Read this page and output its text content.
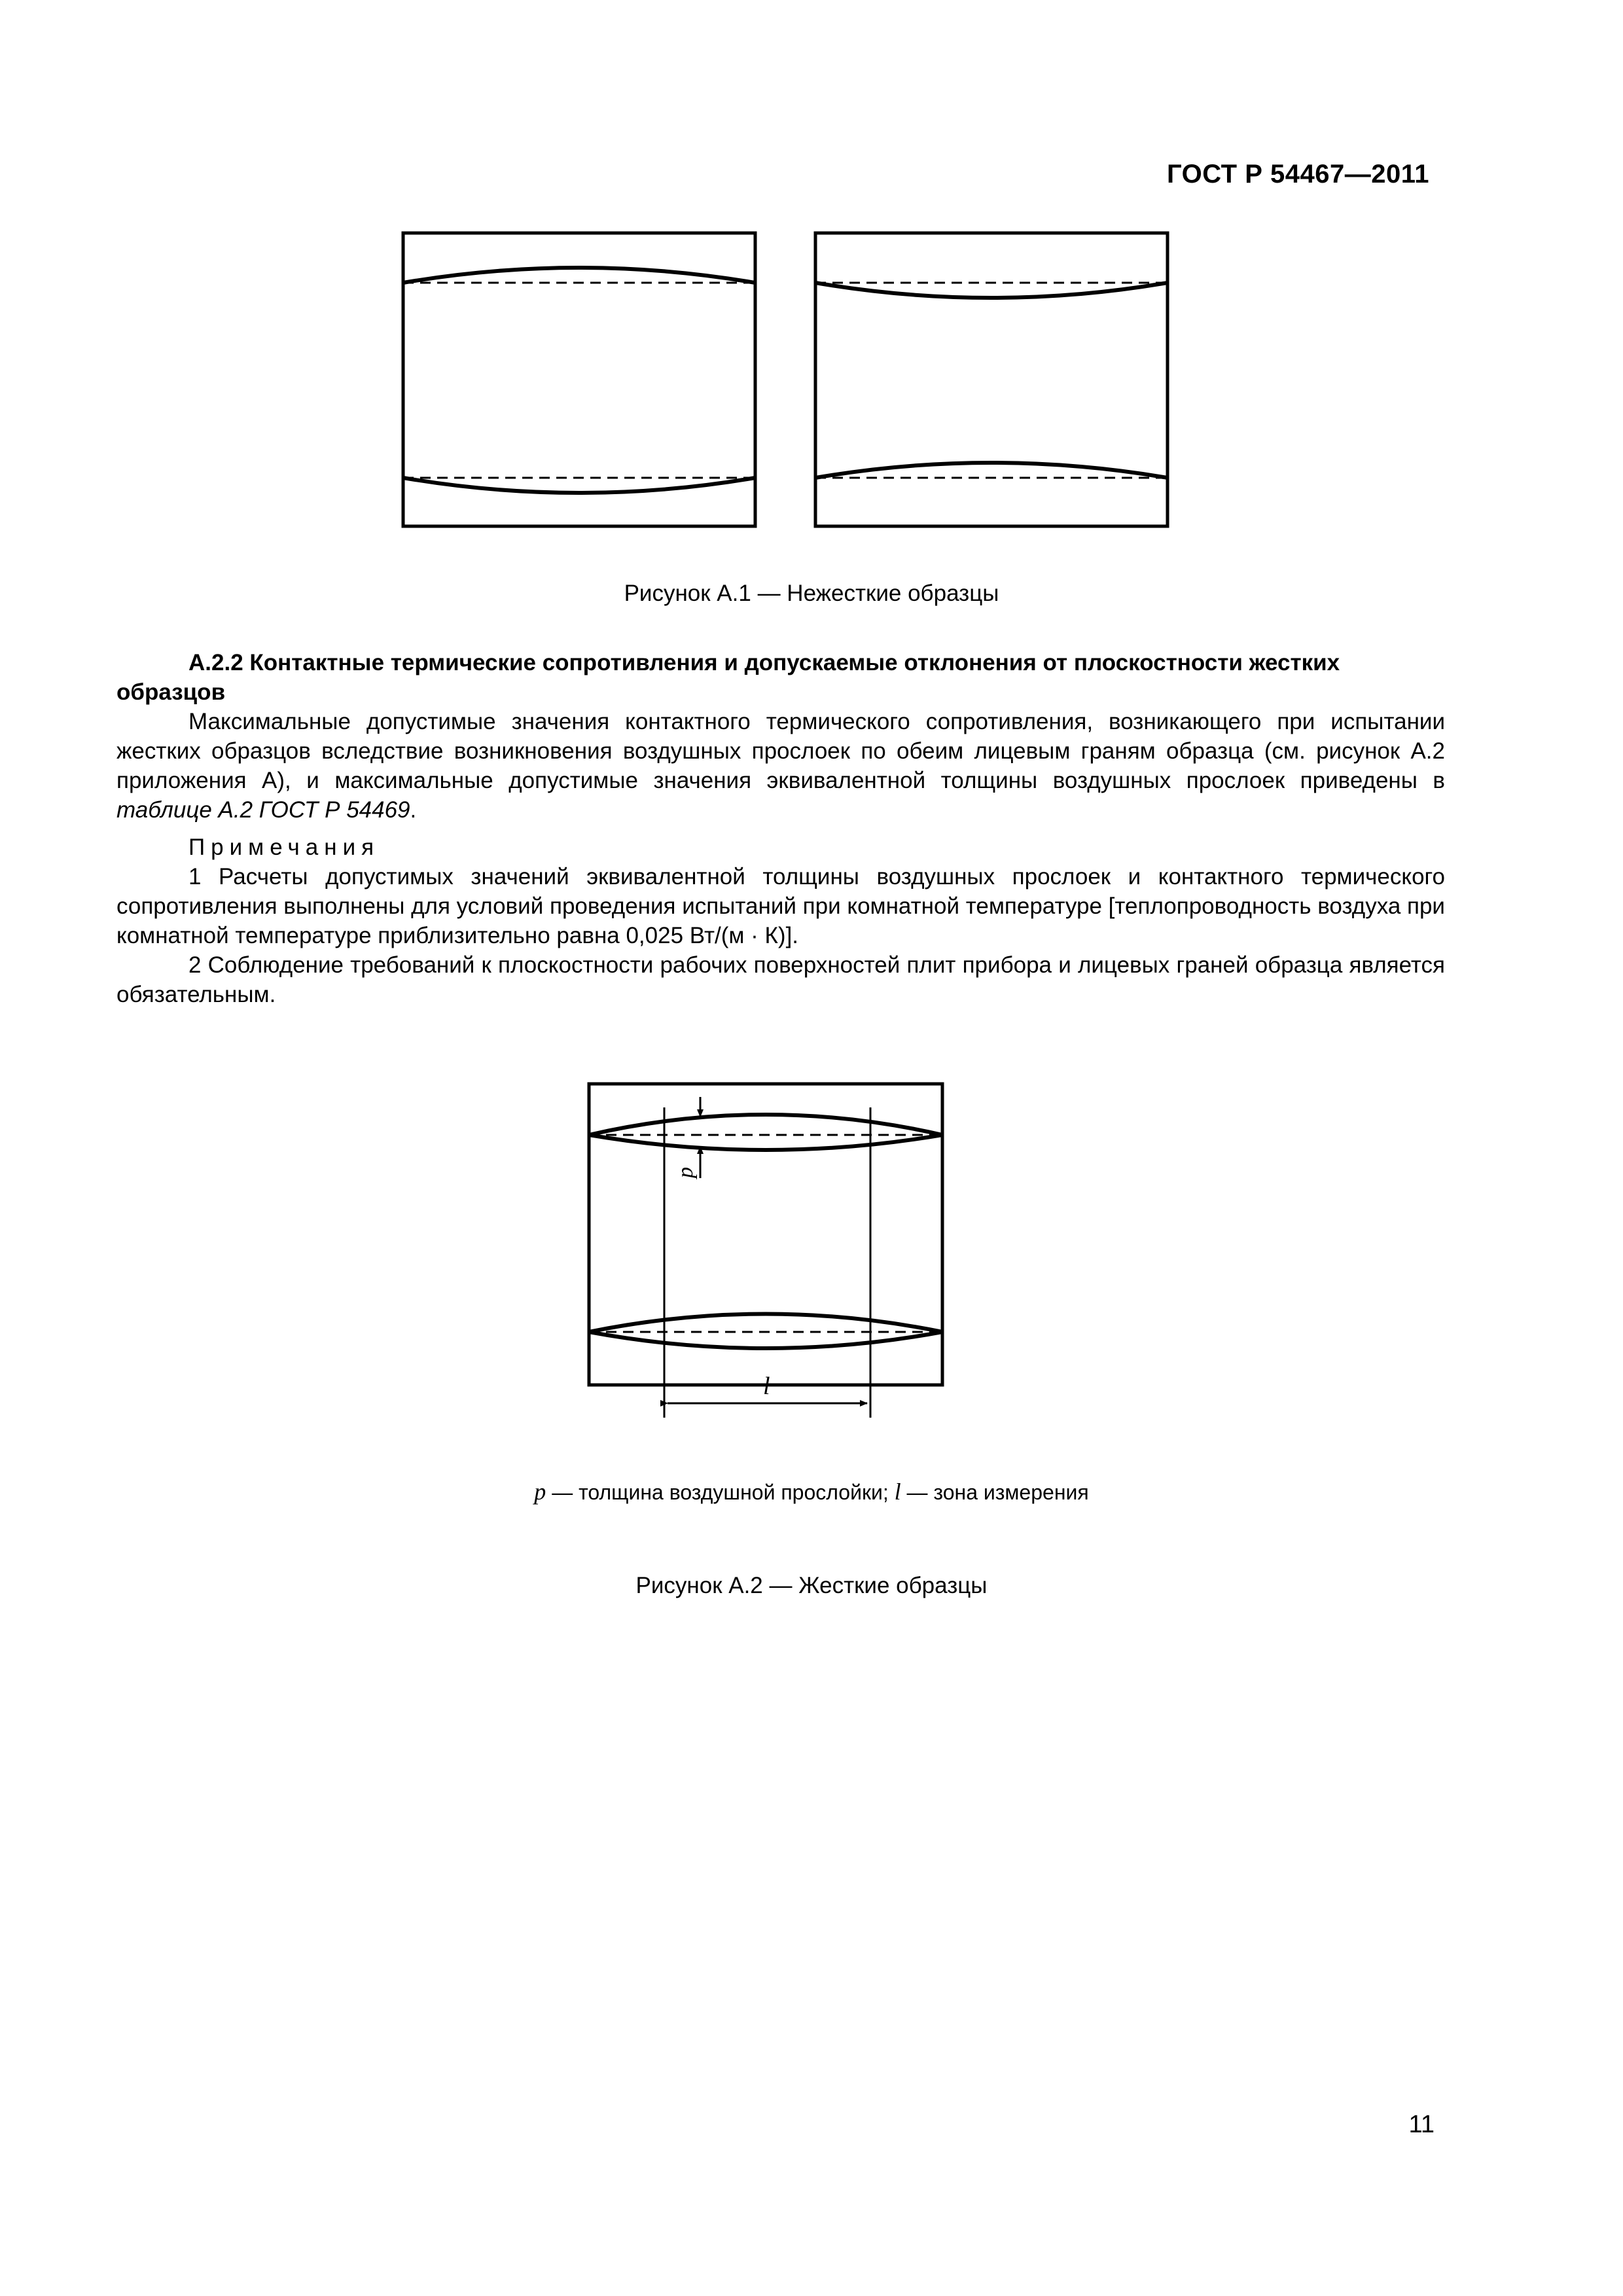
ГОСТ Р 54467—2011
Рисунок А.1 — Нежесткие образцы

А.2.2 Контактные термические сопротивления и допускаемые отклонения от плоскостности жестких

образцов

Максимальные допустимые значения контактного термического сопротивления, возникающего при испытании жестких образцов вследствие возникновения воздушных прослоек по обеим лицевым граням образца (см. рисунок А.2 приложения А), и максимальные допустимые значения эквивалентной толщины воздушных прослоек приведены в таблице А.2 ГОСТ Р 54469.

Примечания

1 Расчеты допустимых значений эквивалентной толщины воздушных прослоек и контактного термического сопротивления выполнены для условий проведения испытаний при комнатной температуре [теплопроводность воздуха при комнатной температуре приблизительно равна 0,025 Вт/(м · К)].

2 Соблюдение требований к плоскостности рабочих поверхностей плит прибора и лицевых граней образца является обязательным.

p
l
p — толщина воздушной прослойки; l — зона измерения
Рисунок А.2 — Жесткие образцы
11
